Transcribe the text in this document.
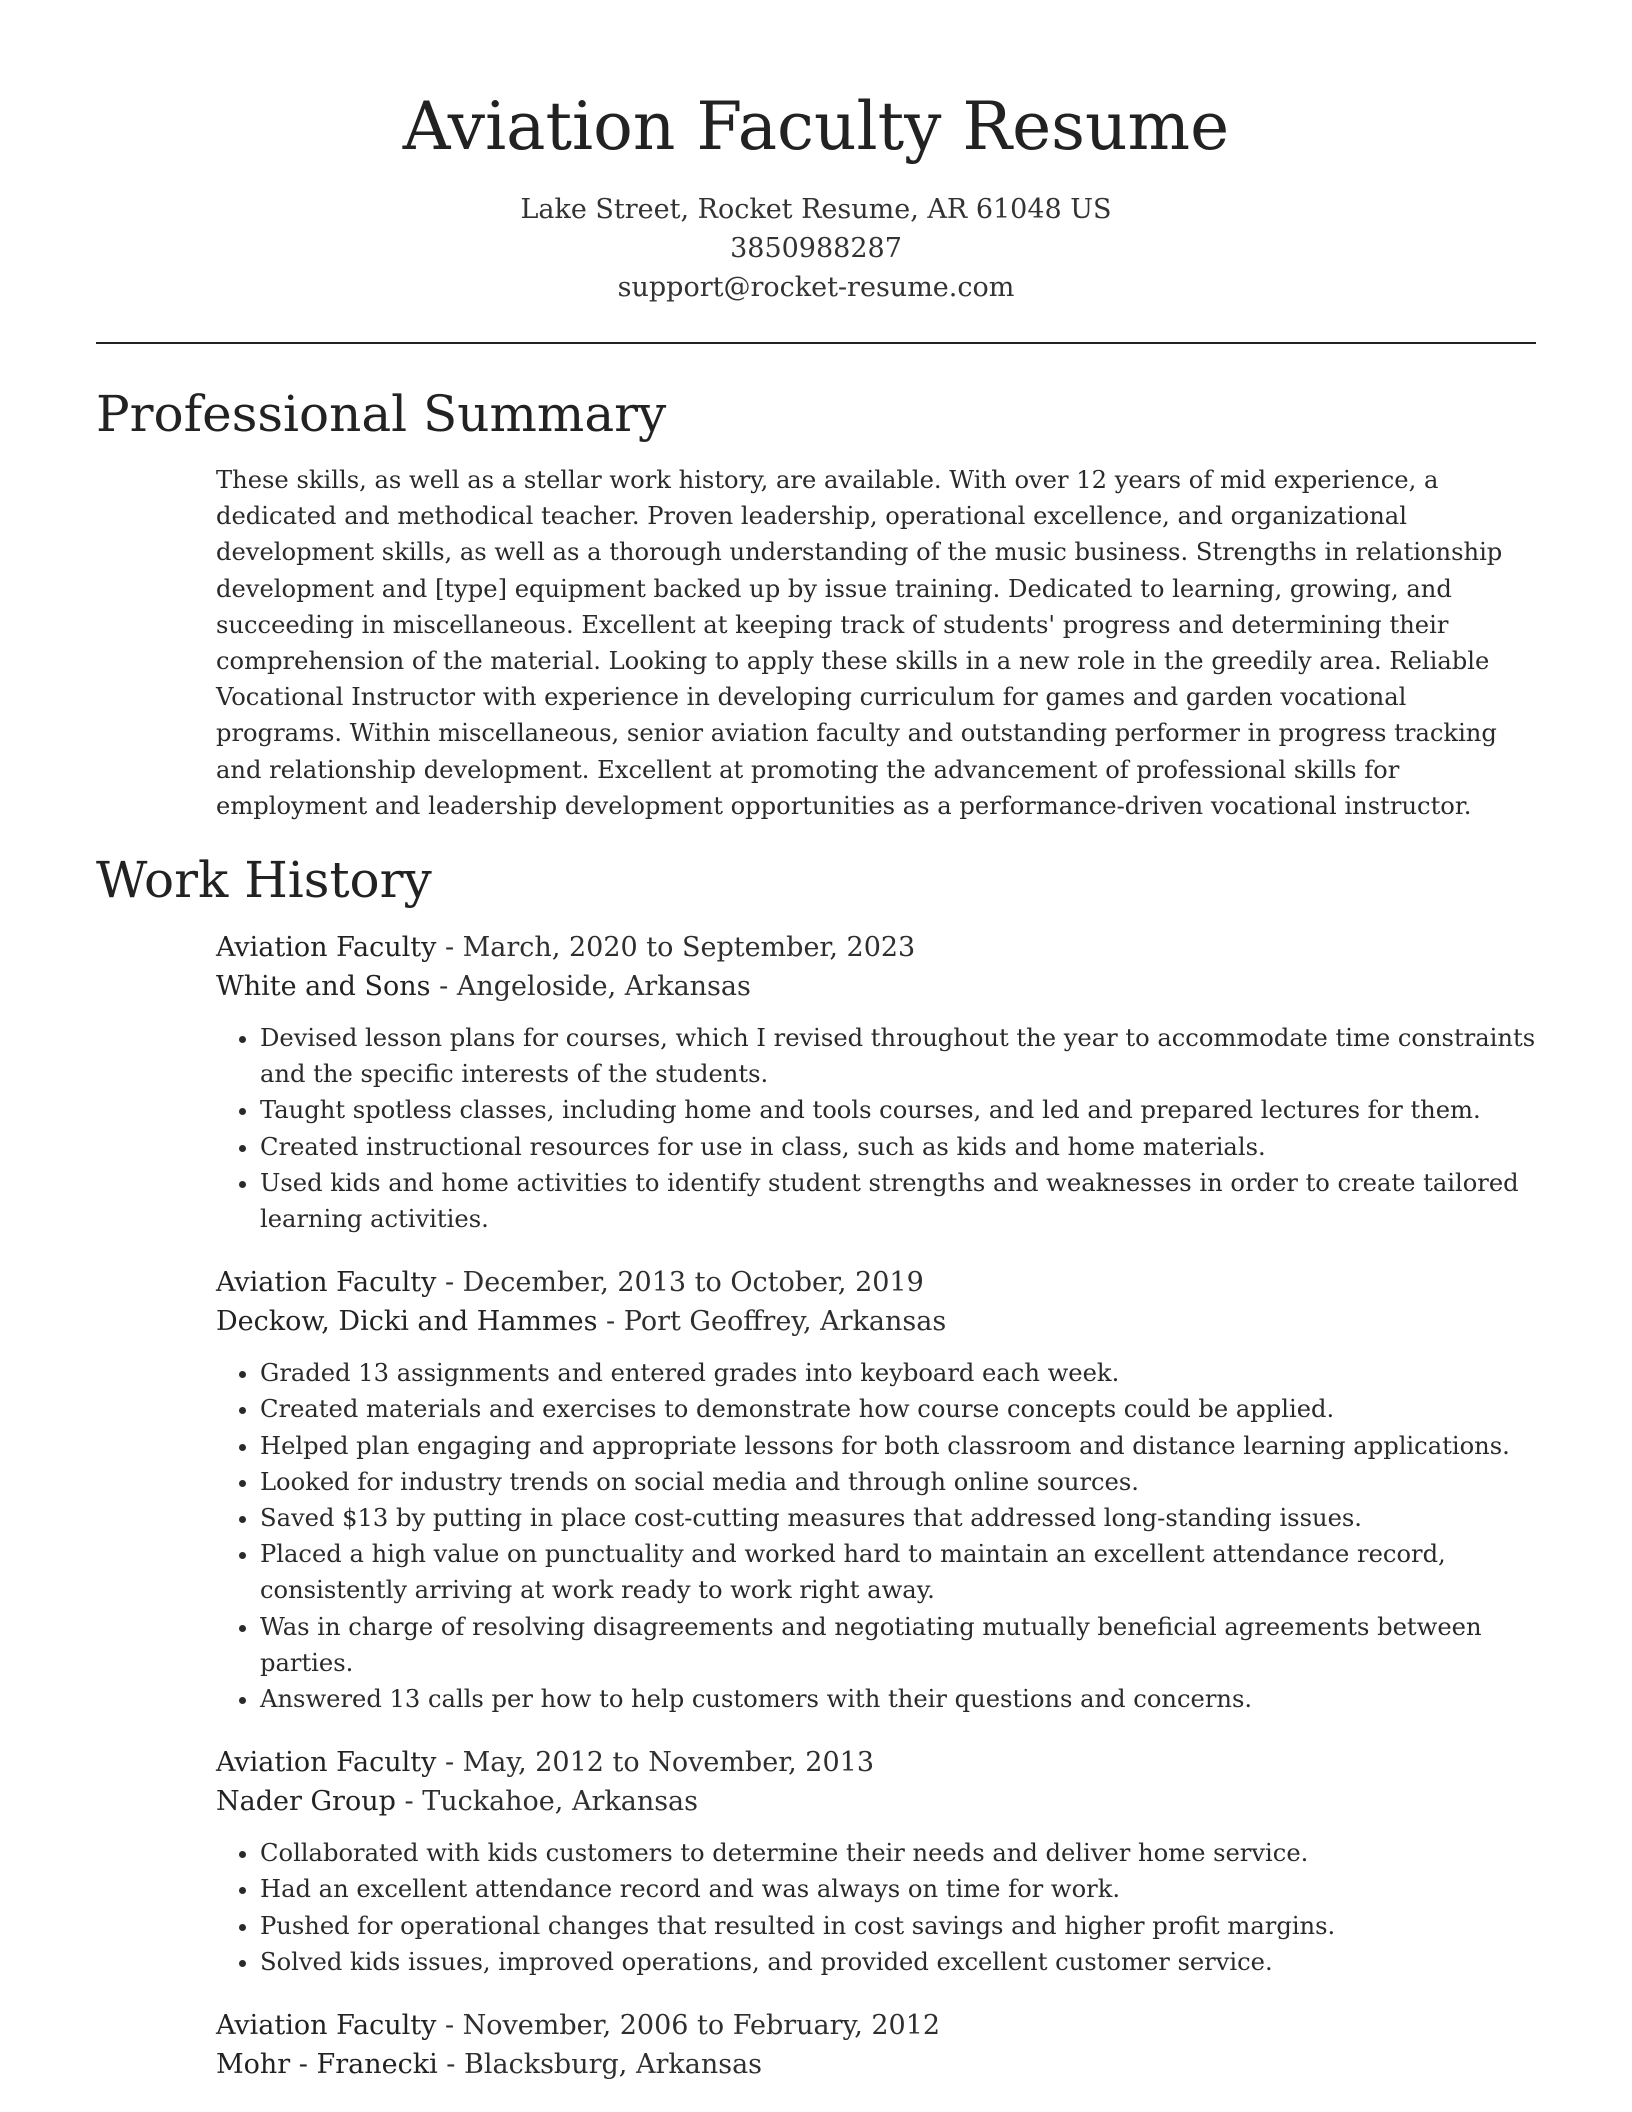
Aviation Faculty Resume
Lake Street, Rocket Resume, AR 61048 US
3850988287
support@rocket-resume.com
Professional Summary

These skills, as well as a stellar work history, are available. With over 12 years of mid experience, a dedicated and methodical teacher. Proven leadership, operational excellence, and organizational development skills, as well as a thorough understanding of the music business. Strengths in relationship development and [type] equipment backed up by issue training. Dedicated to learning, growing, and succeeding in miscellaneous. Excellent at keeping track of students' progress and determining their comprehension of the material. Looking to apply these skills in a new role in the greedily area. Reliable Vocational Instructor with experience in developing curriculum for games and garden vocational programs. Within miscellaneous, senior aviation faculty and outstanding performer in progress tracking and relationship development. Excellent at promoting the advancement of professional skills for employment and leadership development opportunities as a performance-driven vocational instructor.

Work History
Aviation Faculty - March, 2020 to September, 2023
White and Sons - Angeloside, Arkansas
• Devised lesson plans for courses, which I revised throughout the year to accommodate time constraints and the specific interests of the students.
• Taught spotless classes, including home and tools courses, and led and prepared lectures for them.
• Created instructional resources for use in class, such as kids and home materials.
• Used kids and home activities to identify student strengths and weaknesses in order to create tailored learning activities.
Aviation Faculty - December, 2013 to October, 2019
Deckow, Dicki and Hammes - Port Geoffrey, Arkansas
• Graded 13 assignments and entered grades into keyboard each week.
• Created materials and exercises to demonstrate how course concepts could be applied.
• Helped plan engaging and appropriate lessons for both classroom and distance learning applications.
• Looked for industry trends on social media and through online sources.
• Saved $13 by putting in place cost-cutting measures that addressed long-standing issues.
• Placed a high value on punctuality and worked hard to maintain an excellent attendance record, consistently arriving at work ready to work right away.
• Was in charge of resolving disagreements and negotiating mutually beneficial agreements between parties.
• Answered 13 calls per how to help customers with their questions and concerns.
Aviation Faculty - May, 2012 to November, 2013
Nader Group - Tuckahoe, Arkansas
• Collaborated with kids customers to determine their needs and deliver home service.
• Had an excellent attendance record and was always on time for work.
• Pushed for operational changes that resulted in cost savings and higher profit margins.
• Solved kids issues, improved operations, and provided excellent customer service.
Aviation Faculty - November, 2006 to February, 2012
Mohr - Franecki - Blacksburg, Arkansas
